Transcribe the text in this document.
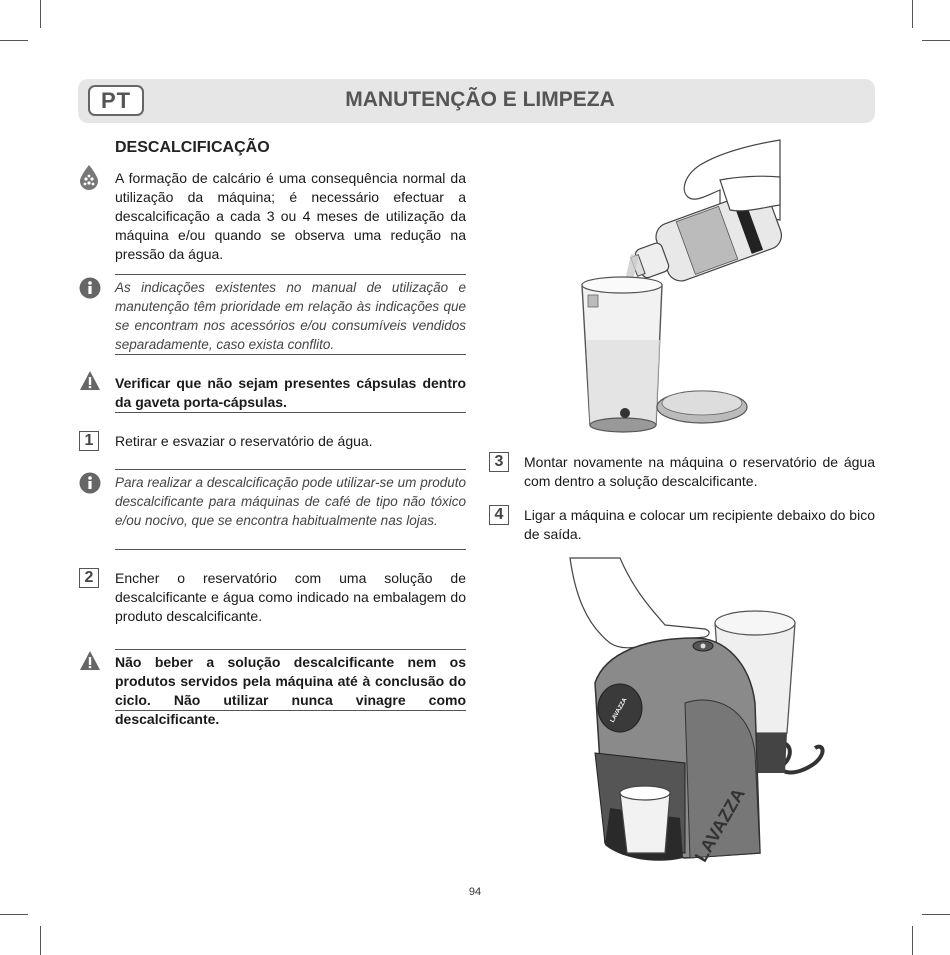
PT	MANUTENÇÃO E LIMPEZA
DESCALCIFICAÇÃO
A formação de calcário é uma consequência normal da utilização da máquina; é necessário efectuar a descalcificação a cada 3 ou 4 meses de utilização da máquina e/ou quando se observa uma redução na pressão da água.
As indicações existentes no manual de utilização e manutenção têm prioridade em relação às indicações que se encontram nos acessórios e/ou consumíveis vendidos separadamente, caso exista conflito.
Verificar que não sejam presentes cápsulas dentro da gaveta porta-cápsulas.
1	Retirar e esvaziar o reservatório de água.
Para realizar a descalcificação pode utilizar-se um produto descalcificante para máquinas de café de tipo não tóxico e/ou nocivo, que se encontra habitualmente nas lojas.
2	Encher o reservatório com uma solução de descalcificante e água como indicado na embalagem do produto descalcificante.
Não beber a solução descalcificante nem os produtos servidos pela máquina até à conclusão do ciclo. Não utilizar nunca vinagre como descalcificante.
3	Montar novamente na máquina o reservatório de água com dentro a solução descalcificante.
4	Ligar a máquina e colocar um recipiente debaixo do bico de saída.
LAVAZZA
LAVAZZA
94
